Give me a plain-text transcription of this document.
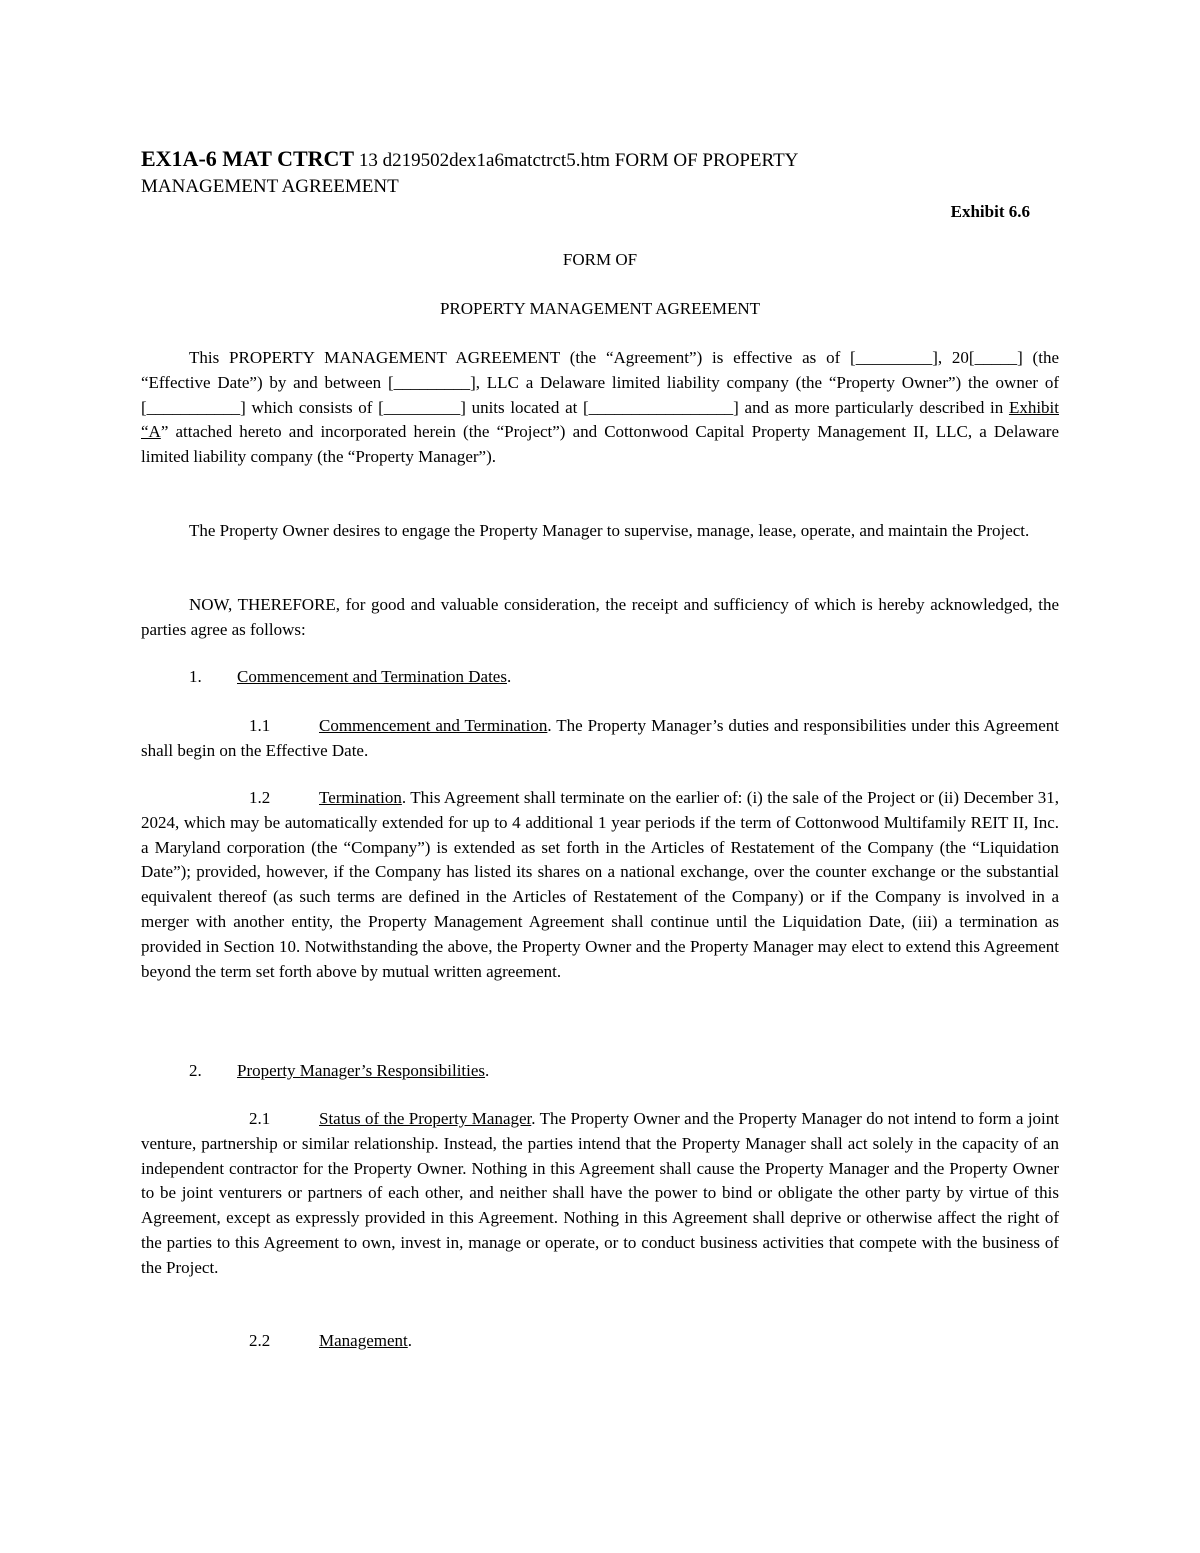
EX1A-6 MAT CTRCT 13 d219502dex1a6matctrct5.htm FORM OF PROPERTY
MANAGEMENT AGREEMENT
Exhibit 6.6
FORM OF
PROPERTY MANAGEMENT AGREEMENT
This PROPERTY MANAGEMENT AGREEMENT (the “Agreement”) is effective as of [_________], 20[_____] (the “Effective Date”) by and between [_________], LLC a Delaware limited liability company (the “Property Owner”) the owner of [___________] which consists of [_________] units located at [_________________] and as more particularly described in Exhibit “A” attached hereto and incorporated herein (the “Project”) and Cottonwood Capital Property Management II, LLC, a Delaware limited liability company (the “Property Manager”).
The Property Owner desires to engage the Property Manager to supervise, manage, lease, operate, and maintain the Project.
NOW, THEREFORE, for good and valuable consideration, the receipt and sufficiency of which is hereby acknowledged, the parties agree as follows:
1. Commencement and Termination Dates.
1.1	Commencement and Termination. The Property Manager’s duties and responsibilities under this Agreement shall begin on the Effective Date.
1.2	Termination. This Agreement shall terminate on the earlier of: (i) the sale of the Project or (ii) December 31, 2024, which may be automatically extended for up to 4 additional 1 year periods if the term of Cottonwood Multifamily REIT II, Inc. a Maryland corporation (the “Company”) is extended as set forth in the Articles of Restatement of the Company (the “Liquidation Date”); provided, however, if the Company has listed its shares on a national exchange, over the counter exchange or the substantial equivalent thereof (as such terms are defined in the Articles of Restatement of the Company) or if the Company is involved in a merger with another entity, the Property Management Agreement shall continue until the Liquidation Date, (iii) a termination as provided in Section 10. Notwithstanding the above, the Property Owner and the Property Manager may elect to extend this Agreement beyond the term set forth above by mutual written agreement.
2. Property Manager’s Responsibilities.
2.1	Status of the Property Manager. The Property Owner and the Property Manager do not intend to form a joint venture, partnership or similar relationship. Instead, the parties intend that the Property Manager shall act solely in the capacity of an independent contractor for the Property Owner. Nothing in this Agreement shall cause the Property Manager and the Property Owner to be joint venturers or partners of each other, and neither shall have the power to bind or obligate the other party by virtue of this Agreement, except as expressly provided in this Agreement. Nothing in this Agreement shall deprive or otherwise affect the right of the parties to this Agreement to own, invest in, manage or operate, or to conduct business activities that compete with the business of the Project.
2.2	Management.
